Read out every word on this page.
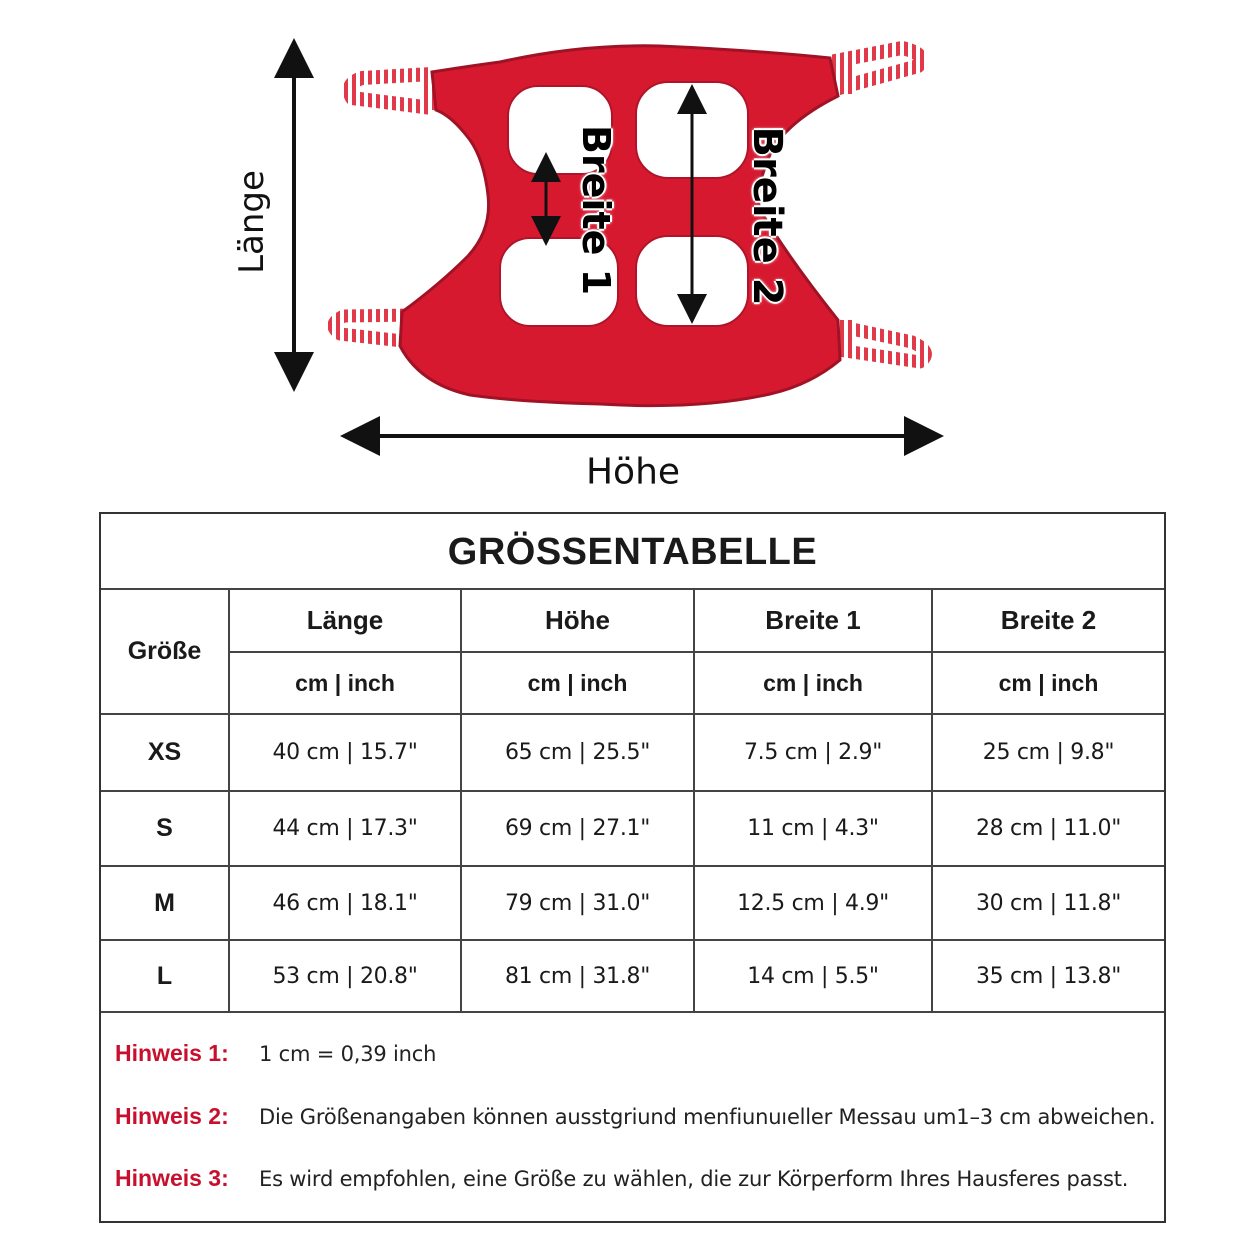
Länge
Höhe
Breite 1	Breite 2
GRÖSSENTABELLE
Größe
Länge	Höhe	Breite 1	Breite 2
cm | inch	cm | inch	cm | inch	cm | inch
XS	40 cm | 15.7"	65 cm | 25.5"	7.5 cm | 2.9"	25 cm | 9.8"
S	44 cm | 17.3"	69 cm | 27.1"	11 cm | 4.3"	28 cm | 11.0"
M	46 cm | 18.1"	79 cm | 31.0"	12.5 cm | 4.9"	30 cm | 11.8"
L	53 cm | 20.8"	81 cm | 31.8"	14 cm | 5.5"	35 cm | 13.8"
Hinweis 1:	1 cm = 0,39 inch
Hinweis 2:	Die Größenangaben können ausstgriund menfiunuıeller Messau um1–3 cm abweichen.
Hinweis 3:	Es wird empfohlen, eine Größe zu wählen, die zur Körperform Ihres Hausferes passt.
